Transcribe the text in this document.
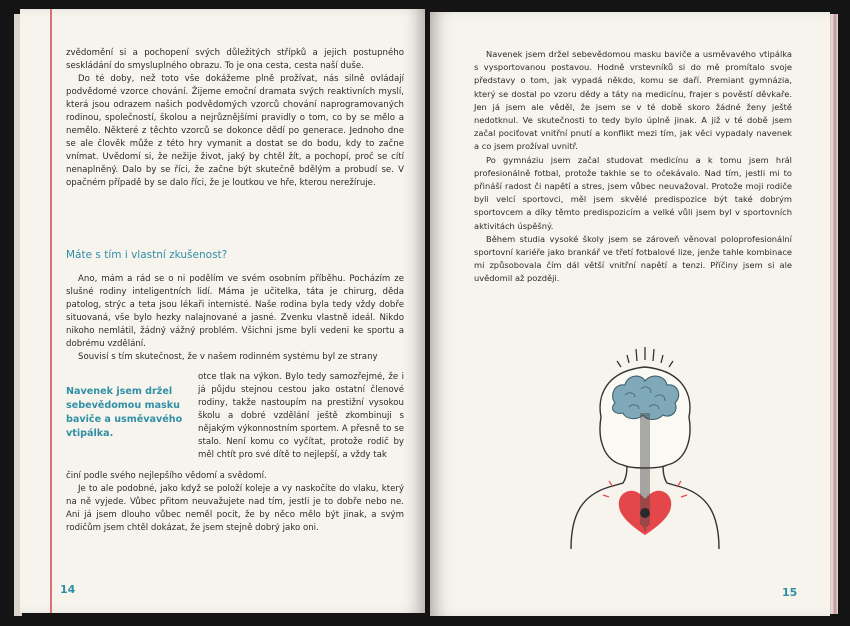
zvědomění si a pochopení svých důležitých střípků a jejich postupného seskládání do smysluplného obrazu. To je ona cesta, cesta naší duše.

Do té doby, než toto vše dokážeme plně prožívat, nás silně ovládají podvědomé vzorce chování. Žijeme emoční dramata svých reaktivních myslí, která jsou odrazem našich podvědomých vzorců chování naprogramovaných rodinou, společností, školou a nejrůznějšími pravidly o tom, co by se mělo a nemělo. Některé z těchto vzorců se dokonce dědí po generace. Jednoho dne se ale člověk může z této hry vymanit a dostat se do bodu, kdy to začne vnímat. Uvědomí si, že nežije život, jaký by chtěl žít, a pochopí, proč se cítí nenaplněný. Dalo by se říci, že začne být skutečně bdělým a probudí se. V opačném případě by se dalo říci, že je loutkou ve hře, kterou nerežíruje.

Máte s tím i vlastní zkušenost?

Ano, mám a rád se o ni podělím ve svém osobním příběhu. Pocházím ze slušné rodiny inteligentních lidí. Máma je učitelka, táta je chirurg, děda patolog, strýc a teta jsou lékaři internisté. Naše rodina byla tedy vždy dobře situovaná, vše bylo hezky nalajnované a jasné. Zvenku vlastně ideál. Nikdo nikoho nemlátil, žádný vážný problém. Všichni jsme byli vedeni ke sportu a dobrému vzdělání.

Souvisí s tím skutečnost, že v našem rodinném systému byl ze strany

Navenek jsem držel sebevědomou masku baviče a usměvavého vtipálka.

otce tlak na výkon. Bylo tedy samozřejmé, že i já půjdu stejnou cestou jako ostatní členové rodiny, takže nastoupím na prestižní vysokou školu a dobré vzdělání ještě zkombinuji s nějakým výkonnostním sportem. A přesně to se stalo. Není komu co vyčítat, protože rodič by měl chtít pro své dítě to nejlepší, a vždy tak

činí podle svého nejlepšího vědomí a svědomí.

Je to ale podobné, jako když se položí koleje a vy naskočíte do vlaku, který na ně vyjede. Vůbec přitom neuvažujete nad tím, jestli je to dobře nebo ne. Ani já jsem dlouho vůbec neměl pocit, že by něco mělo být jinak, a svým rodičům jsem chtěl dokázat, že jsem stejně dobrý jako oni.

14

Navenek jsem držel sebevědomou masku baviče a usměvavého vtipálka s vysportovanou postavou. Hodně vrstevníků si do mě promítalo svoje představy o tom, jak vypadá někdo, komu se daří. Premiant gymnázia, který se dostal po vzoru dědy a táty na medicínu, frajer s pověstí děvkaře. Jen já jsem ale věděl, že jsem se v té době skoro žádné ženy ještě nedotknul. Ve skutečnosti to tedy bylo úplně jinak. A již v té době jsem začal pociťovat vnitřní pnutí a konflikt mezi tím, jak věci vypadaly navenek a co jsem prožíval uvnitř.

Po gymnáziu jsem začal studovat medicínu a k tomu jsem hrál profesionálně fotbal, protože takhle se to očekávalo. Nad tím, jestli mi to přináší radost či napětí a stres, jsem vůbec neuvažoval. Protože moji rodiče byli velcí sportovci, měl jsem skvělé predispozice být také dobrým sportovcem a díky těmto predispozicím a velké vůli jsem byl v sportovních aktivitách úspěšný.

Během studia vysoké školy jsem se zároveň věnoval poloprofesionální sportovní kariéře jako brankář ve třetí fotbalové lize, jenže tahle kombinace mi způsobovala čím dál větší vnitřní napětí a tenzi. Příčiny jsem si ale uvědomil až později.

15
